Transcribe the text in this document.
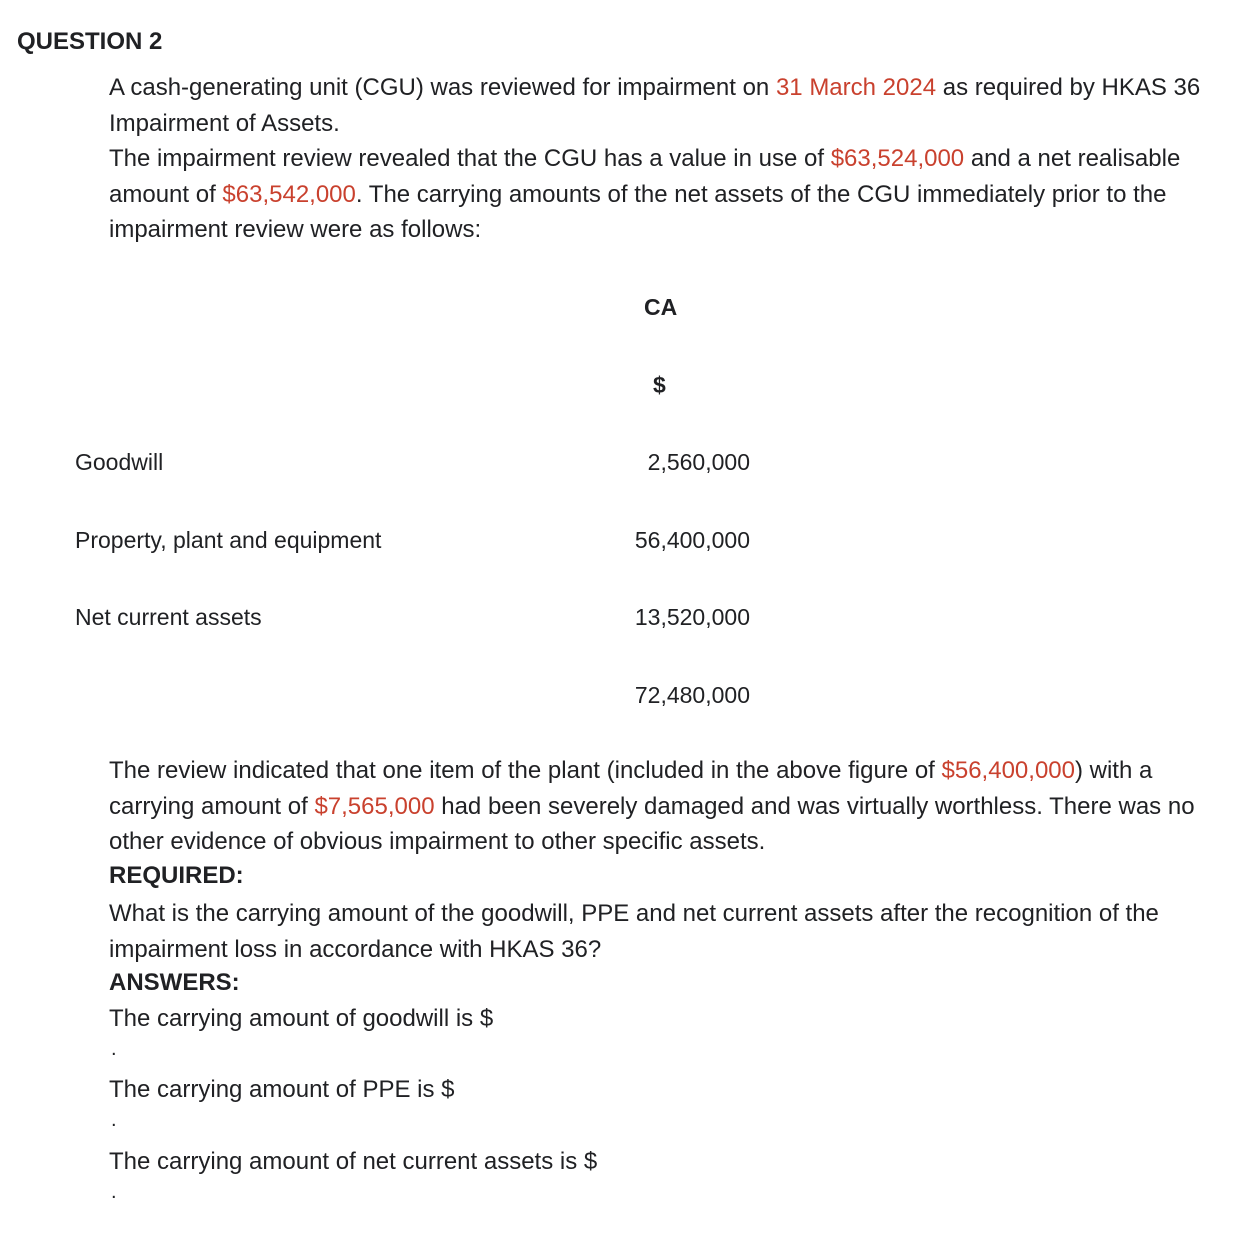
QUESTION 2
A cash-generating unit (CGU) was reviewed for impairment on 31 March 2024 as required by HKAS 36 Impairment of Assets.
The impairment review revealed that the CGU has a value in use of $63,524,000 and a net realisable amount of $63,542,000. The carrying amounts of the net assets of the CGU immediately prior to the impairment review were as follows:
CA
$
Goodwill	2,560,000
Property, plant and equipment	56,400,000
Net current assets	13,520,000
72,480,000
The review indicated that one item of the plant (included in the above figure of $56,400,000) with a carrying amount of $7,565,000 had been severely damaged and was virtually worthless. There was no other evidence of obvious impairment to other specific assets.
REQUIRED:
What is the carrying amount of the goodwill, PPE and net current assets after the recognition of the impairment loss in accordance with HKAS 36?
ANSWERS:
The carrying amount of goodwill is $
.
The carrying amount of PPE is $
.
The carrying amount of net current assets is $
.
